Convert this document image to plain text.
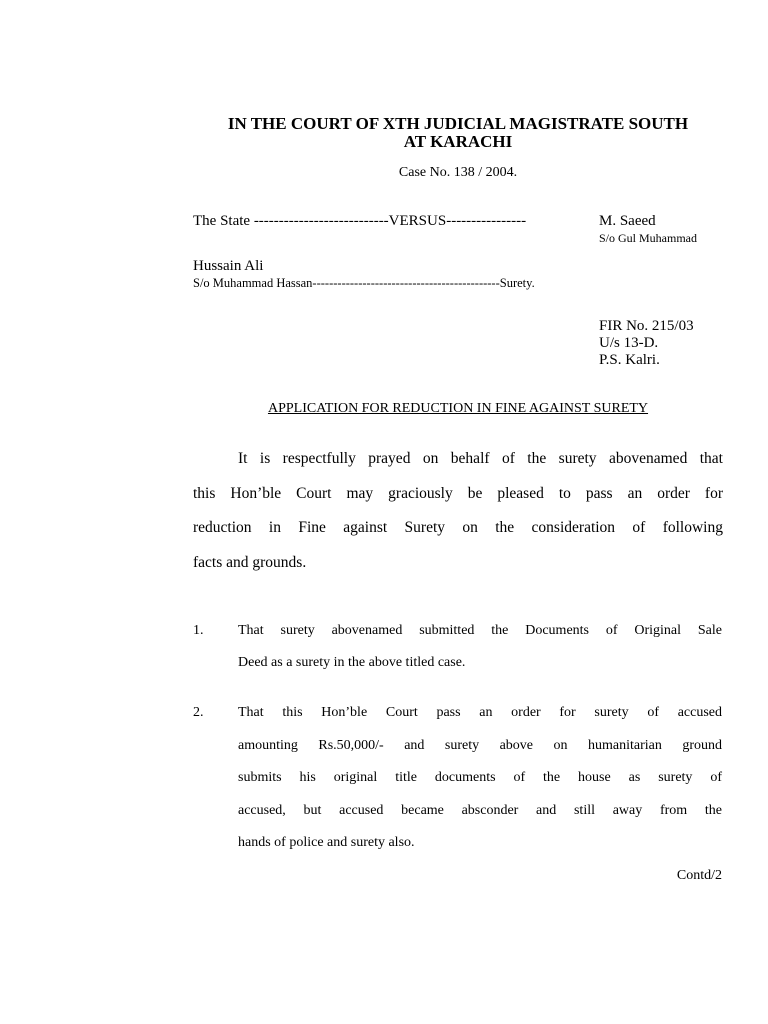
IN THE COURT OF XTH JUDICIAL MAGISTRATE SOUTH
AT KARACHI
Case No. 138 / 2004.
The State ---------------------------VERSUS----------------	M. Saeed
S/o Gul Muhammad
Hussain Ali
S/o Muhammad Hassan---------------------------------------------Surety.
FIR No. 215/03
U/s 13-D.
P.S. Kalri.
APPLICATION FOR REDUCTION IN FINE AGAINST SURETY
It is respectfully prayed on behalf of the surety abovenamed that
this Hon’ble Court may graciously be pleased to pass an order for
reduction in Fine against Surety on the consideration of following
facts and grounds.
1. That surety abovenamed submitted the Documents of Original Sale
Deed as a surety in the above titled case.
2. That this Hon’ble Court pass an order for surety of accused
amounting Rs.50,000/- and surety above on humanitarian ground
submits his original title documents of the house as surety of
accused, but accused became absconder and still away from the
hands of police and surety also.
Contd/2
